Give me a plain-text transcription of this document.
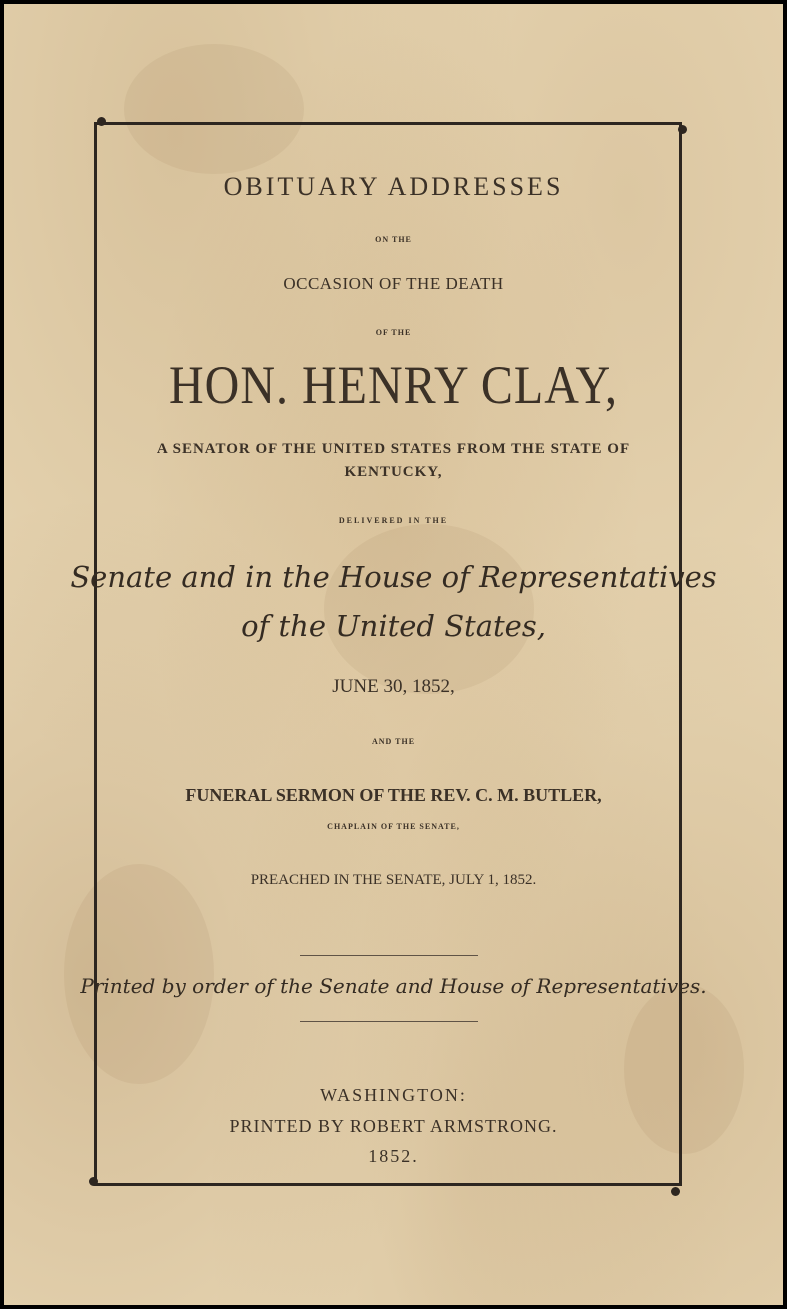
OBITUARY ADDRESSES
ON THE
OCCASION OF THE DEATH
OF THE
HON. HENRY CLAY,
A SENATOR OF THE UNITED STATES FROM THE STATE OF
KENTUCKY,
DELIVERED IN THE
Senate and in the House of Representatives
of the United States,
JUNE 30, 1852,
AND THE
FUNERAL SERMON OF THE REV. C. M. BUTLER,
CHAPLAIN OF THE SENATE,
PREACHED IN THE SENATE, JULY 1, 1852.
Printed by order of the Senate and House of Representatives.
WASHINGTON:
PRINTED BY ROBERT ARMSTRONG.
1852.
